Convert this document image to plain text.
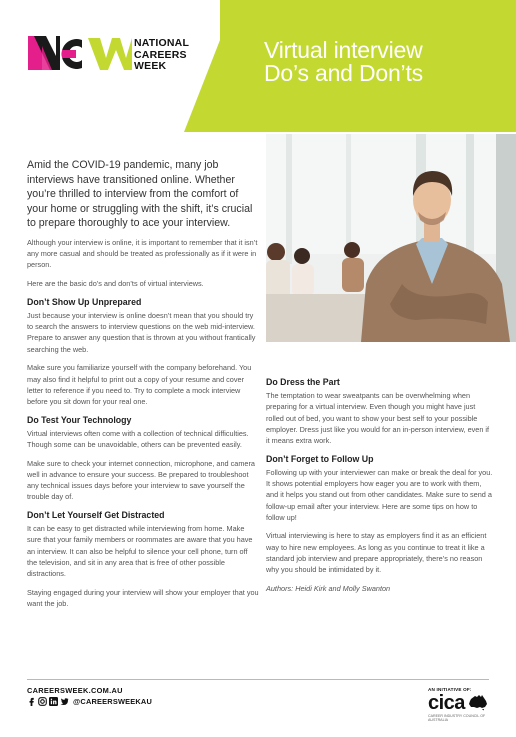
NATIONAL
CAREERS
WEEK
Virtual interview
Do’s and Don’ts
Amid the COVID-19 pandemic, many job interviews have transitioned online. Whether you’re thrilled to interview from the comfort of your home or struggling with the shift, it’s crucial to prepare thoroughly to ace your interview.

Although your interview is online, it is important to remember that it isn’t any more casual and should be treated as professionally as if it were in person.

Here are the basic do’s and don’ts of virtual interviews.

Don’t Show Up Unprepared

Just because your interview is online doesn’t mean that you should try to search the answers to interview questions on the web mid-interview. Prepare to answer any question that is thrown at you without frantically searching the web.

Make sure you familiarize yourself with the company beforehand. You may also find it helpful to print out a copy of your resume and cover letter to reference if you need to. Try to complete a mock interview before you sit down for your real one.

Do Test Your Technology

Virtual interviews often come with a collection of technical difficulties. Though some can be unavoidable, others can be prevented easily.

Make sure to check your internet connection, microphone, and camera well in advance to ensure your success. Be prepared to troubleshoot any technical issues days before your interview to save yourself the trouble day of.

Don’t Let Yourself Get Distracted

It can be easy to get distracted while interviewing from home. Make sure that your family members or roommates are aware that you have an interview. It can also be helpful to silence your cell phone, turn off the television, and sit in any area that is free of other possible distractions.

Staying engaged during your interview will show your employer that you want the job.

Do Dress the Part

The temptation to wear sweatpants can be overwhelming when preparing for a virtual interview. Even though you might have just rolled out of bed, you want to show your best self to your possible employer. Dress just like you would for an in-person interview, even if it means extra work.

Don’t Forget to Follow Up

Following up with your interviewer can make or break the deal for you. It shows potential employers how eager you are to work with them, and it helps you stand out from other candidates. Make sure to send a follow-up email after your interview. Here are some tips on how to follow up!

Virtual interviewing is here to stay as employers find it as an efficient way to hire new employees. As long as you continue to treat it like a standard job interview and prepare appropriately, there’s no reason why you should be intimidated by it.

Authors: Heidi Kirk and Molly Swanton

CAREERSWEEK.COM.AU
@CAREERSWEEKAU
AN INITIATIVE OF:
cica
CAREER INDUSTRY COUNCIL OF AUSTRALIA
